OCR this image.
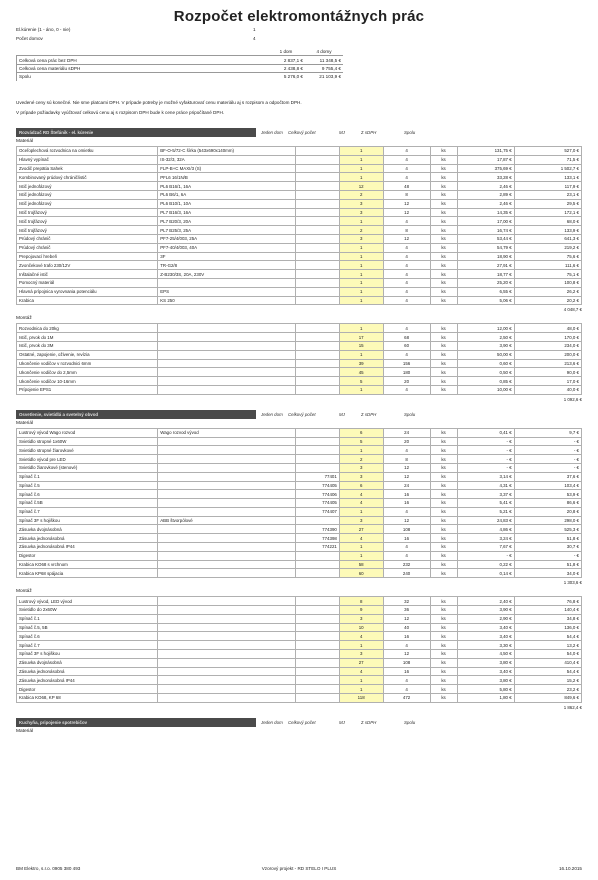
Rozpočet elektromontážnych prác
El.kúrenie (1 - áno, 0 - nie)	1
Počet domov	4
	1 dom	4 domy
Celková cena prác bez DPH	2 837,1 €	11 348,5 €
Celková cena materiálu sDPH	2 438,8 €	9 755,4 €
Spolu	5 276,0 €	21 103,9 €
Uvedené ceny sú konečné. Nie sme platcami DPH. V prípade potreby je možné vyfakturovať cenu materiálu aj s rozpisom a odpočtom DPH.
V prípade požiadavky vyúčtovať celkovú cenu aj s rozpisom DPH bude k cene práce pripočítané DPH.
Rozvádzač RD Štefánik - el. kúrenie	Jeden dom Celkový počet	MJ	Ʃ sDPH	Spolu
Materiál
Oceľoplechová rozvodnica na omietku	BF-O-5/72-C šírka (543x690x140mm)		1	4	ks	131,75 €	527,0 €
Hlavný vypínač	IS-32/3, 32A		1	4	ks	17,87 €	71,5 €
Zvodič prepätia Sahek	FLP-B+C MAXI/3 (S)		1	4	ks	375,69 €	1 502,7 €
Kombinovaný prúdový chránič/istič	PFL6 16/1N/B		1	4	ks	33,28 €	133,1 €
Istič jednofázový	PL6 B16/1, 16A		12	48	ks	2,46 €	117,9 €
Istič jednofázový	PL6 B6/1, 6A		2	8	ks	2,89 €	23,1 €
Istič jednofázový	PL6 B10/1, 10A		3	12	ks	2,46 €	29,5 €
Istič trojfázový	PL7 B16/3, 16A		3	12	ks	14,35 €	172,1 €
Istič trojfázový	PL7 B20/3, 20A		1	4	ks	17,00 €	68,0 €
Istič trojfázový	PL7 B25/3, 25A		2	8	ks	16,74 €	133,9 €
Prúdový chránič	PF7-25/4/003, 25A		3	12	ks	53,44 €	641,3 €
Prúdový chránič	PF7-40/4/003, 40A		1	4	ks	54,79 €	219,2 €
Prepojovací hrebeň	3F		1	4	ks	18,90 €	75,6 €
Zvončekové trafo 230/12V	TR-G2/8		1	4	ks	27,91 €	111,6 €
Inštalačné istič	Z-B230/3S, 20A, 230V		1	4	ks	18,77 €	75,1 €
Pomocný materiál			1	4	ks	25,20 €	100,8 €
Hlavná prípojnica vyrovnania potenciálu	EPS		1	4	ks	6,55 €	26,2 €
Krabica	KS 250		1	4	ks	5,06 €	20,2 €
4 048,7 €
Montáž
Rozvodnica do 20kg			1	4	ks	12,00 €	48,0 €
Istič, prvok do 1M			17	68	ks	2,50 €	170,0 €
Istič, prvok do 3M			15	60	ks	3,90 €	234,0 €
Ostatné, zapojenie, oživenie, revízia			1	4	ks	50,00 €	200,0 €
Ukončenie vodičov v rozvodnici 6mm			39	156	ks	0,60 €	213,6 €
Ukončenie vodičov do 2,5mm			45	180	ks	0,50 €	90,0 €
Ukončenie vodičov 10-16mm			5	20	ks	0,85 €	17,0 €
Prípojenie EPS1			1	4	ks	10,00 €	40,0 €
1 092,6 €
Osvetlenie, svietidlá a svetelný obvod	Jeden dom Celkový počet	MJ	Ʃ sDPH	Spolu
Materiál
Lustrový vývod Wago rozvod	Wago rozvod vývod		6	24	ks	0,41 €	9,7 €
Svietidlo stropné 1x60W			5	20	ks	- €	- €
Svietidlo stropné žiarovkové			1	4	ks	- €	- €
Svietidlo vývod pre LED			2	8	ks	- €	- €
Svietidlo žiarovkové (stenové)			3	12	ks	- €	- €
Spínač č.1		77401	3	12	ks	3,14 €	37,6 €
Spínač č.5		774405	6	24	ks	4,31 €	103,4 €
Spínač č.6		774406	4	16	ks	3,37 €	53,9 €
Spínač č.5B		774405	4	16	ks	5,41 €	86,6 €
Spínač č.7		774407	1	4	ks	5,21 €	20,8 €
Spínač 3F s hojiškou	ABB štvorpólové		3	12	ks	24,83 €	298,0 €
Zásuvka dvojnásobná		774390	27	108	ks	4,86 €	525,3 €
Zásuvka jednonásobná		774398	4	16	ks	3,24 €	51,8 €
Zásuvka jednonásobná IP44		774221	1	4	ks	7,67 €	30,7 €
Digestor			1	4	ks	- €	- €
Krabica KO68 s vrchnom			58	232	ks	0,22 €	51,8 €
Krabica KP68 spájacia			60	240	ks	0,14 €	34,0 €
1 303,6 €
Montáž
Lustrový vývod, LED vývod			8	32	ks	2,40 €	76,8 €
Svietidlo do 2x60W			9	36	ks	3,90 €	140,4 €
Spínač č.1			3	12	ks	2,90 €	34,8 €
Spínač č.5, 5B			10	40	ks	3,40 €	136,0 €
Spínač č.6			4	16	ks	3,40 €	54,4 €
Spínač č.7			1	4	ks	3,30 €	13,2 €
Spínač 3F s hojiškou			3	12	ks	4,50 €	54,0 €
Zásuvka dvojnásobná			27	108	ks	3,80 €	410,4 €
Zásuvka jednonásobná			4	16	ks	3,40 €	54,4 €
Zásuvka jednonásobná IP44			1	4	ks	3,80 €	15,2 €
Digestor			1	4	ks	5,80 €	23,2 €
Krabica KO68, KP 68			118	472	ks	1,80 €	849,6 €
1 862,4 €
Kuchyňa, pripojenie spotrebičov	Jeden dom Celkový počet	MJ	Ʃ sDPH	Spolu
Materiál
BM Elektro, s.r.o. 0905 380 493	Vzorový projekt - RD STELO I PLUS	16.10.2015
